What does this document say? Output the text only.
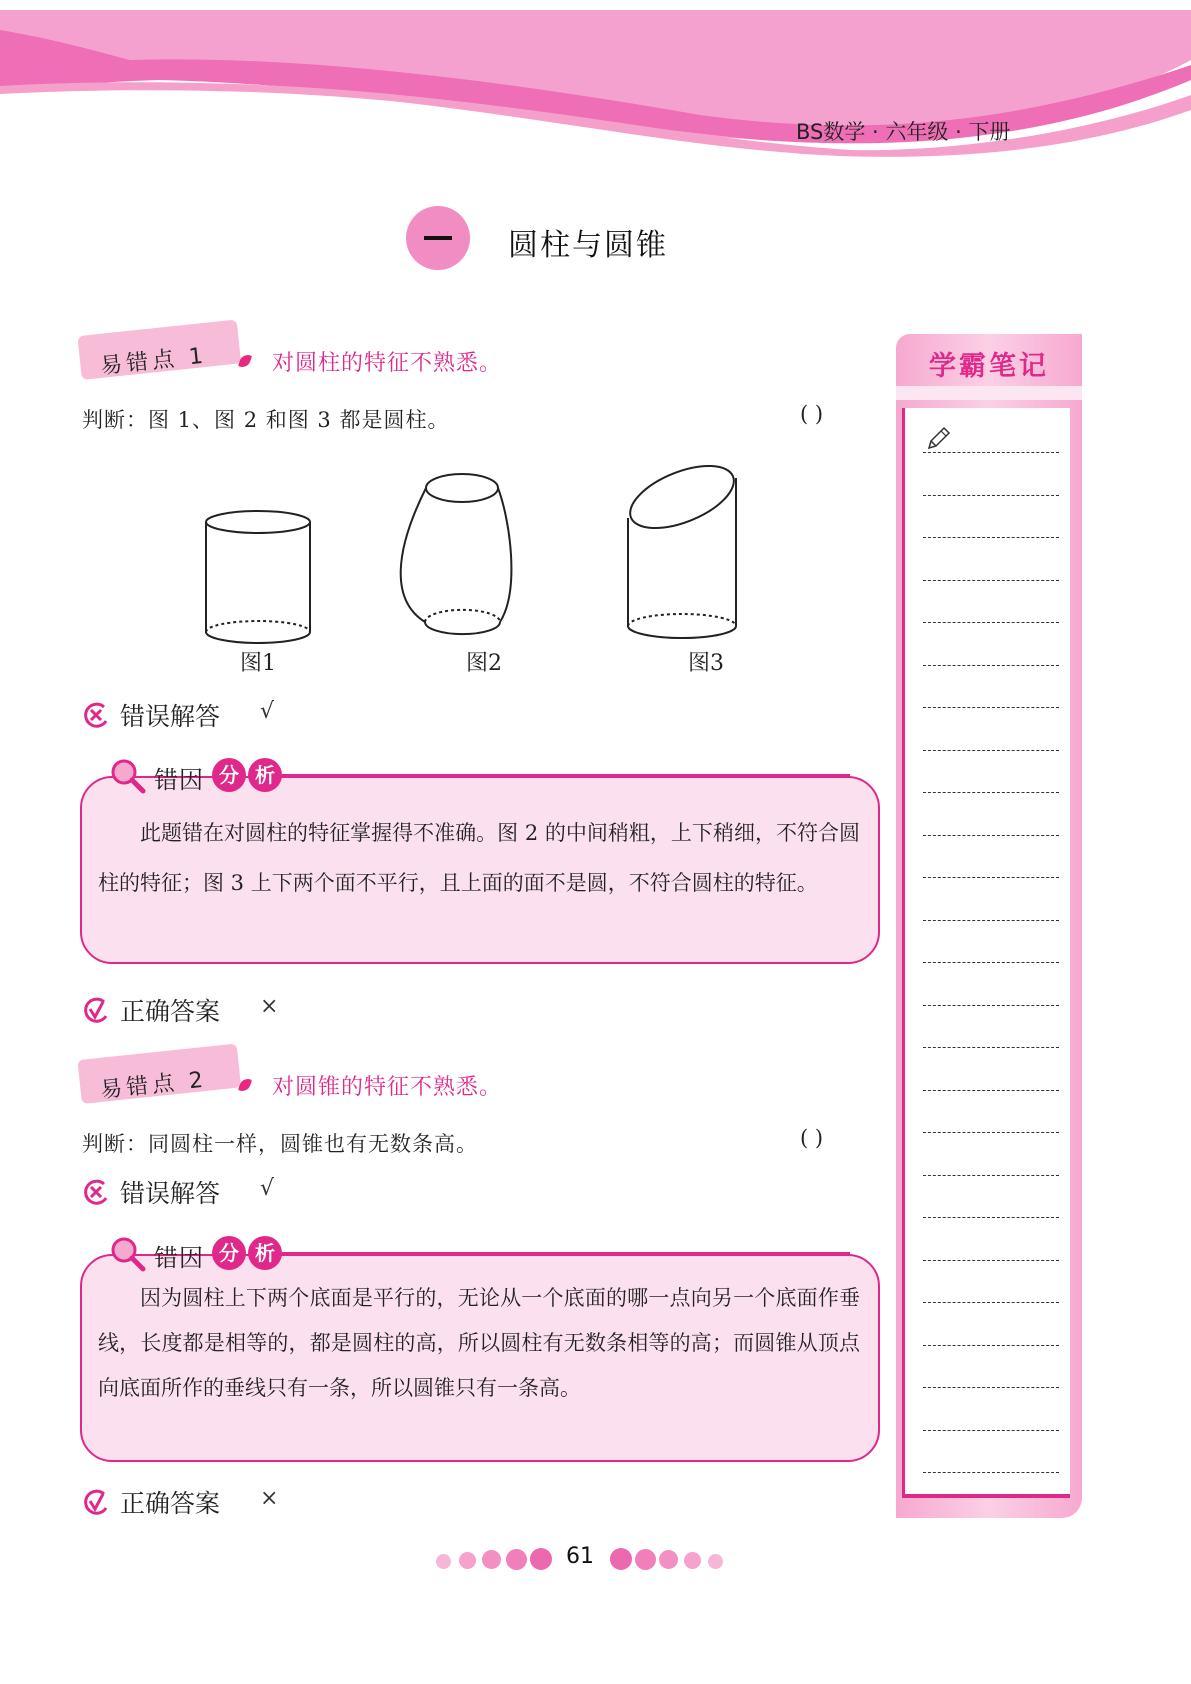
BS数学 · 六年级 · 下册
圆柱与圆锥
易错点 1	对圆柱的特征不熟悉。
判断：图 1、图 2 和图 3 都是圆柱。	( )
图1	图2	图3
错误解答 √

此题错在对圆柱的特征掌握得不准确。图 2 的中间稍粗，上下稍细，不符合圆柱的特征；图 3 上下两个面不平行，且上面的面不是圆，不符合圆柱的特征。

错因 分 析
正确答案 ×
易错点 2	对圆锥的特征不熟悉。
判断：同圆柱一样，圆锥也有无数条高。	( )
错误解答 √

因为圆柱上下两个底面是平行的，无论从一个底面的哪一点向另一个底面作垂线，长度都是相等的，都是圆柱的高，所以圆柱有无数条相等的高；而圆锥从顶点向底面所作的垂线只有一条，所以圆锥只有一条高。

错因 分 析
正确答案 ×
学霸笔记
61
